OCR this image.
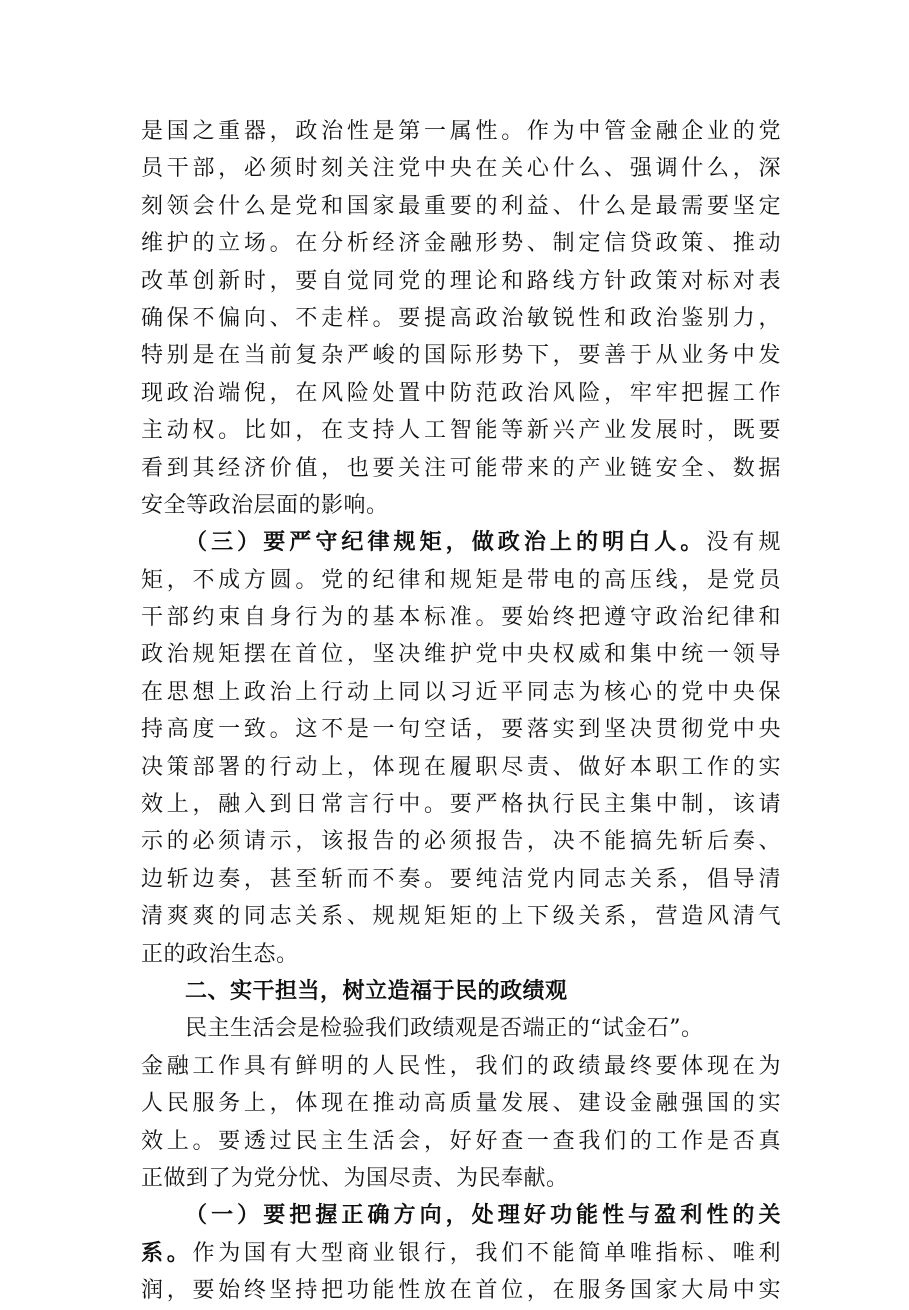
是国之重器，政治性是第一属性。作为中管金融企业的党
员干部，必须时刻关注党中央在关心什么、强调什么，深
刻领会什么是党和国家最重要的利益、什么是最需要坚定
维护的立场。在分析经济金融形势、制定信贷政策、推动
改革创新时，要自觉同党的理论和路线方针政策对标对表
确保不偏向、不走样。要提高政治敏锐性和政治鉴别力，
特别是在当前复杂严峻的国际形势下，要善于从业务中发
现政治端倪，在风险处置中防范政治风险，牢牢把握工作
主动权。比如，在支持人工智能等新兴产业发展时，既要
看到其经济价值，也要关注可能带来的产业链安全、数据
安全等政治层面的影响。
（三）要严守纪律规矩，做政治上的明白人。没有规
矩，不成方圆。党的纪律和规矩是带电的高压线，是党员
干部约束自身行为的基本标准。要始终把遵守政治纪律和
政治规矩摆在首位，坚决维护党中央权威和集中统一领导
在思想上政治上行动上同以习近平同志为核心的党中央保
持高度一致。这不是一句空话，要落实到坚决贯彻党中央
决策部署的行动上，体现在履职尽责、做好本职工作的实
效上，融入到日常言行中。要严格执行民主集中制，该请
示的必须请示，该报告的必须报告，决不能搞先斩后奏、
边斩边奏，甚至斩而不奏。要纯洁党内同志关系，倡导清
清爽爽的同志关系、规规矩矩的上下级关系，营造风清气
正的政治生态。
二、实干担当，树立造福于民的政绩观
民主生活会是检验我们政绩观是否端正的“试金石”。
金融工作具有鲜明的人民性，我们的政绩最终要体现在为
人民服务上，体现在推动高质量发展、建设金融强国的实
效上。要透过民主生活会，好好查一查我们的工作是否真
正做到了为党分忧、为国尽责、为民奉献。
（一）要把握正确方向，处理好功能性与盈利性的关
系。作为国有大型商业银行，我们不能简单唯指标、唯利
润，要始终坚持把功能性放在首位，在服务国家大局中实
